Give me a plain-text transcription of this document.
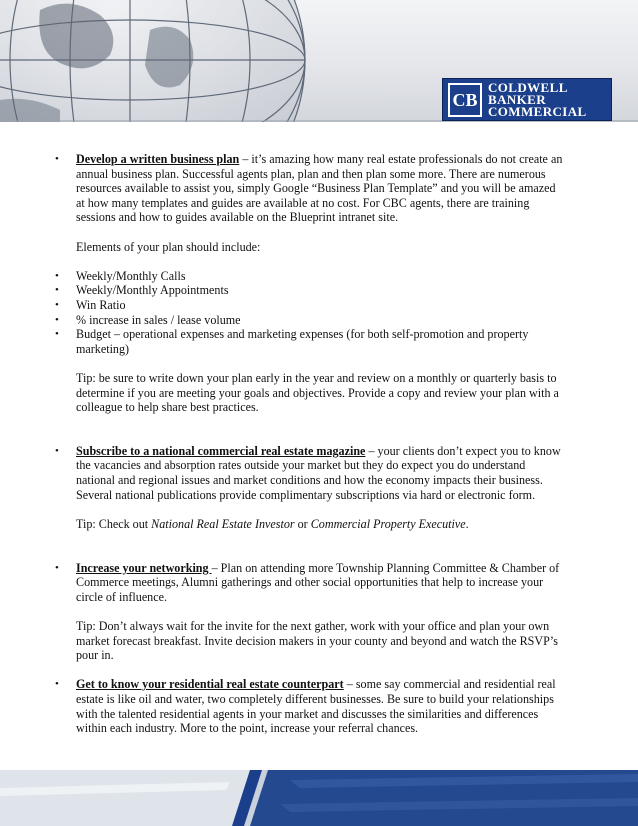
CB
COLDWELL
BANKER
COMMERCIAL
• Develop a written business plan – it’s amazing how many real estate professionals do not create an annual business plan. Successful agents plan, plan and then plan some more. There are numerous resources available to assist you, simply Google “Business Plan Template” and you will be amazed at how many templates and guides are available at no cost. For CBC agents, there are training sessions and how to guides available on the Blueprint intranet site.
Elements of your plan should include:
• Weekly/Monthly Calls
• Weekly/Monthly Appointments
• Win Ratio
• % increase in sales / lease volume
• Budget – operational expenses and marketing expenses (for both self-promotion and property marketing)
Tip: be sure to write down your plan early in the year and review on a monthly or quarterly basis to determine if you are meeting your goals and objectives. Provide a copy and review your plan with a colleague to help share best practices.
• Subscribe to a national commercial real estate magazine – your clients don’t expect you to know the vacancies and absorption rates outside your market but they do expect you do understand national and regional issues and market conditions and how the economy impacts their business. Several national publications provide complimentary subscriptions via hard or electronic form.
Tip: Check out National Real Estate Investor or Commercial Property Executive.
• Increase your networking – Plan on attending more Township Planning Committee & Chamber of Commerce meetings, Alumni gatherings and other social opportunities that help to increase your circle of influence.
Tip: Don’t always wait for the invite for the next gather, work with your office and plan your own market forecast breakfast. Invite decision makers in your county and beyond and watch the RSVP’s pour in.
• Get to know your residential real estate counterpart – some say commercial and residential real estate is like oil and water, two completely different businesses. Be sure to build your relationships with the talented residential agents in your market and discusses the similarities and differences within each industry. More to the point, increase your referral chances.
